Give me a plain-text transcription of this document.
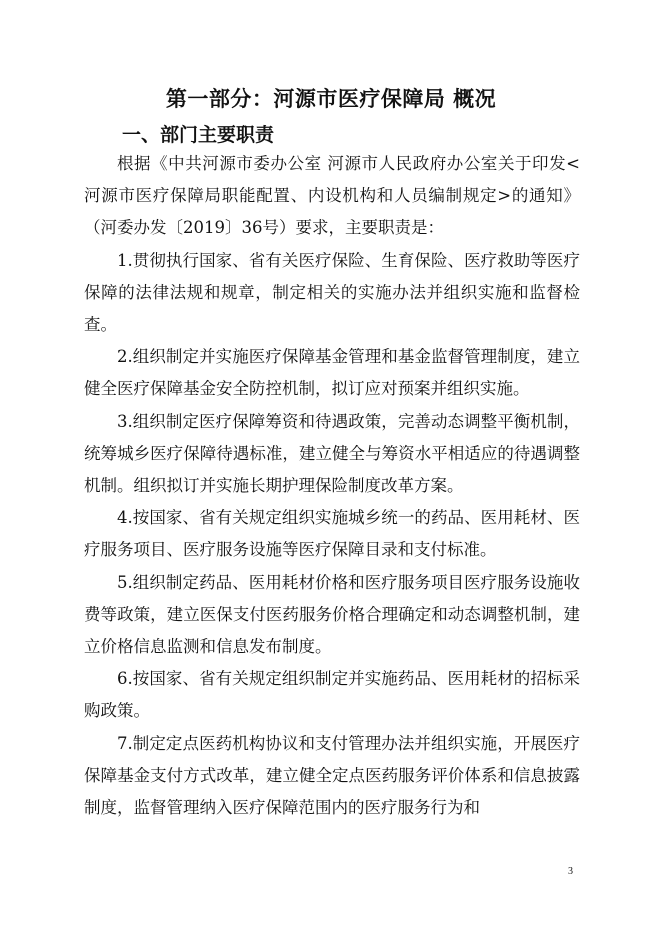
第一部分：河源市医疗保障局 概况
一、部门主要职责

根据《中共河源市委办公室 河源市人民政府办公室关于印发<河源市医疗保障局职能配置、内设机构和人员编制规定>的通知》（河委办发〔2019〕36号）要求，主要职责是：

1.贯彻执行国家、省有关医疗保险、生育保险、医疗救助等医疗保障的法律法规和规章，制定相关的实施办法并组织实施和监督检查。

2.组织制定并实施医疗保障基金管理和基金监督管理制度，建立健全医疗保障基金安全防控机制，拟订应对预案并组织实施。

3.组织制定医疗保障筹资和待遇政策，完善动态调整平衡机制，统筹城乡医疗保障待遇标准，建立健全与筹资水平相适应的待遇调整机制。组织拟订并实施长期护理保险制度改革方案。

4.按国家、省有关规定组织实施城乡统一的药品、医用耗材、医疗服务项目、医疗服务设施等医疗保障目录和支付标准。

5.组织制定药品、医用耗材价格和医疗服务项目医疗服务设施收费等政策，建立医保支付医药服务价格合理确定和动态调整机制，建立价格信息监测和信息发布制度。

6.按国家、省有关规定组织制定并实施药品、医用耗材的招标采购政策。

7.制定定点医药机构协议和支付管理办法并组织实施，开展医疗保障基金支付方式改革，建立健全定点医药服务评价体系和信息披露制度，监督管理纳入医疗保障范围内的医疗服务行为和

3
